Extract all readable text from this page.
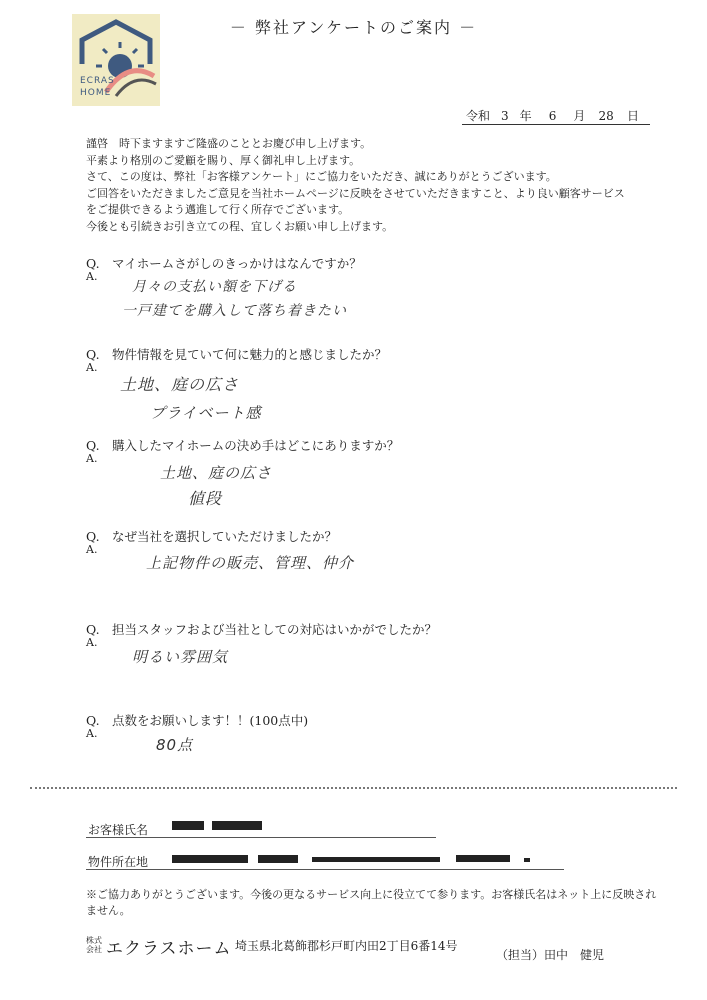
－ 弊社アンケートのご案内 －
ECRAS
HOME
令和 3 年 6 月 28 日
謹啓　時下ますますご隆盛のこととお慶び申し上げます。
平素より格別のご愛顧を賜り、厚く御礼申し上げます。
さて、この度は、弊社「お客様アンケート」にご協力をいただき、誠にありがとうございます。
ご回答をいただきましたご意見を当社ホームページに反映をさせていただきますこと、より良い顧客サービス
をご提供できるよう邁進して行く所存でございます。
今後とも引続きお引き立ての程、宜しくお願い申し上げます。
Q. マイホームさがしのきっかけはなんですか？
A.
月々の支払い額を下げる
一戸建てを購入して落ち着きたい
Q. 物件情報を見ていて何に魅力的と感じましたか？
A.
土地、庭の広さ
プライベート感
Q. 購入したマイホームの決め手はどこにありますか？
A.
土地、庭の広さ
値段
Q. なぜ当社を選択していただけましたか？
A.
上記物件の販売、管理、仲介
Q. 担当スタッフおよび当社としての対応はいかがでしたか？
A.
明るい雰囲気
Q. 点数をお願いします！！(100点中)
A.
80点
お客様氏名
物件所在地
※ご協力ありがとうございます。今後の更なるサービス向上に役立てて参ります。お客様氏名はネット上に反映されません。
株式会社 エクラスホーム 埼玉県北葛飾郡杉戸町内田2丁目6番14号
（担当）田中　健児
